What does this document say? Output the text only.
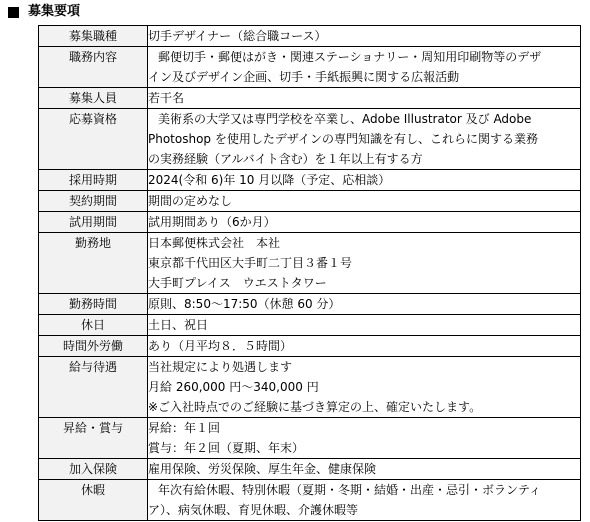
募集要項
募集職種	切手デザイナー（総合職コース）

職務内容	郵便切手・郵便はがき・関連ステーショナリー・周知用印刷物等のデザ
イン及びデザイン企画、切手・手紙振興に関する広報活動

募集人員	若干名

応募資格	美術系の大学又は専門学校を卒業し、Adobe Illustrator 及び Adobe
Photoshop を使用したデザインの専門知識を有し、これらに関する業務
の実務経験（アルバイト含む）を１年以上有する方

採用時期	2024(令和 6)年 10 月以降（予定、応相談）

契約期間	期間の定めなし

試用期間	試用期間あり（6か月）

勤務地	日本郵便株式会社　本社
東京都千代田区大手町二丁目３番１号
大手町プレイス　ウエストタワー

勤務時間	原則、8:50～17:50（休憩 60 分）

休日	土日、祝日

時間外労働	あり（月平均８．５時間）

給与待遇	当社規定により処遇します
月給 260,000 円～340,000 円
※ご入社時点でのご経験に基づき算定の上、確定いたします。

昇給・賞与	昇給：年１回
賞与：年２回（夏期、年末）

加入保険	雇用保険、労災保険、厚生年金、健康保険

休暇	年次有給休暇、特別休暇（夏期・冬期・結婚・出産・忌引・ボランティ
ア）、病気休暇、育児休暇、介護休暇等
